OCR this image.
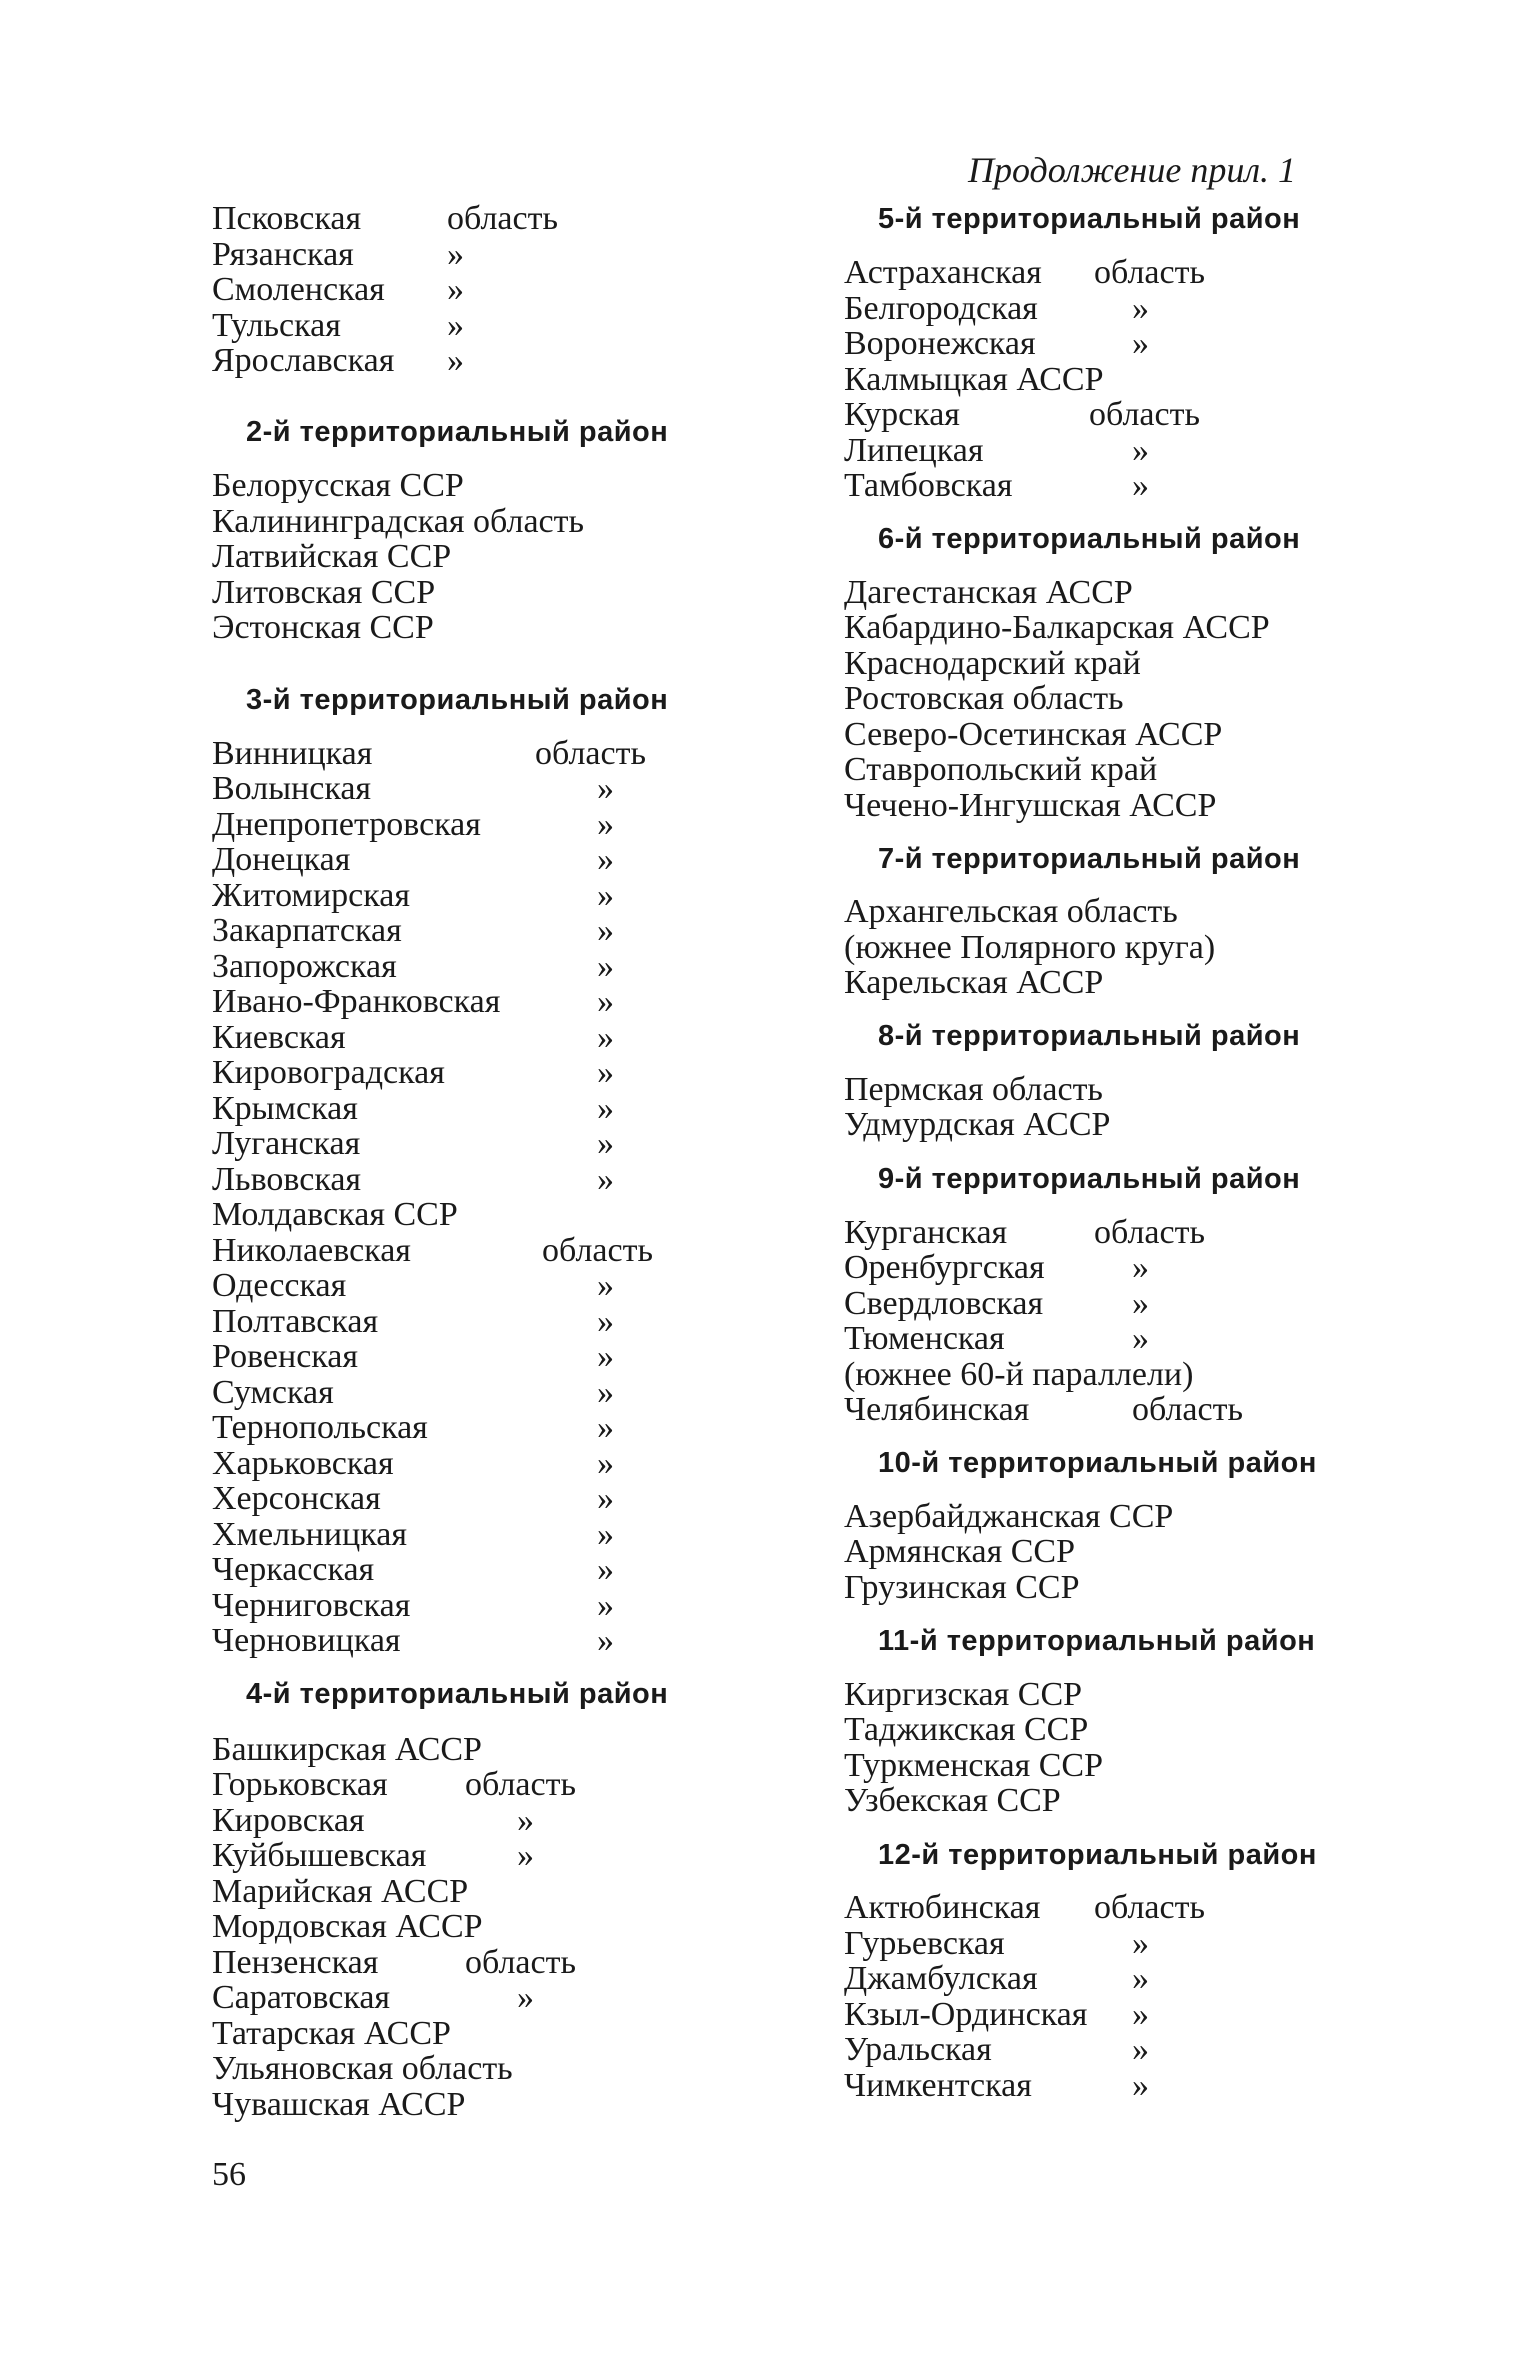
Продолжение прил. 1
Псковская	область
Рязанская	»
Смоленская »
Тульская	»
Ярославская »
2-й территориальный район
Белорусская ССР
Калининградская область
Латвийская ССР
Литовская ССР
Эстонская ССР
3-й территориальный район
Винницкая	область
Волынская	»
Днепропетровская	»
Донецкая	»
Житомирская	»
Закарпатская	»
Запорожская	»
Ивано-Франковская	»
Киевская	»
Кировоградская	»
Крымская	»
Луганская	»
Львовская	»
Молдавская ССР
Николаевская	область
Одесская	»
Полтавская	»
Ровенская	»
Сумская	»
Тернопольская	»
Харьковская	»
Херсонская	»
Хмельницкая	»
Черкасская	»
Черниговская	»
Черновицкая	»
4-й территориальный район
Башкирская АССР
Горьковская область
Кировская	»
Куйбышевская	»
Марийская АССР
Мордовская АССР
Пензенская	область
Саратовская	»
Татарская АССР
Ульяновская область
Чувашская АССР
5-й территориальный район
Астраханская область
Белгородская	»
Воронежская	»
Калмыцкая АССР
Курская	область
Липецкая	»
Тамбовская	»
6-й территориальный район
Дагестанская АССР
Кабардино-Балкарская АССР
Краснодарский край
Ростовская область
Северо-Осетинская АССР
Ставропольский край
Чечено-Ингушская АССР
7-й территориальный район
Архангельская область
(южнее Полярного круга)
Карельская АССР
8-й территориальный район
Пермская область
Удмурдская АССР
9-й территориальный район
Курганская	область
Оренбургская	»
Свердловская	»
Тюменская	»
(южнее 60-й параллели)
Челябинская	область
10-й территориальный район
Азербайджанская ССР
Армянская ССР
Грузинская ССР
11-й территориальный район
Киргизская ССР
Таджикская ССР
Туркменская ССР
Узбекская ССР
12-й территориальный район
Актюбинская область
Гурьевская	»
Джамбулская	»
Кзыл-Ординская »
Уральская	»
Чимкентская	»
56
